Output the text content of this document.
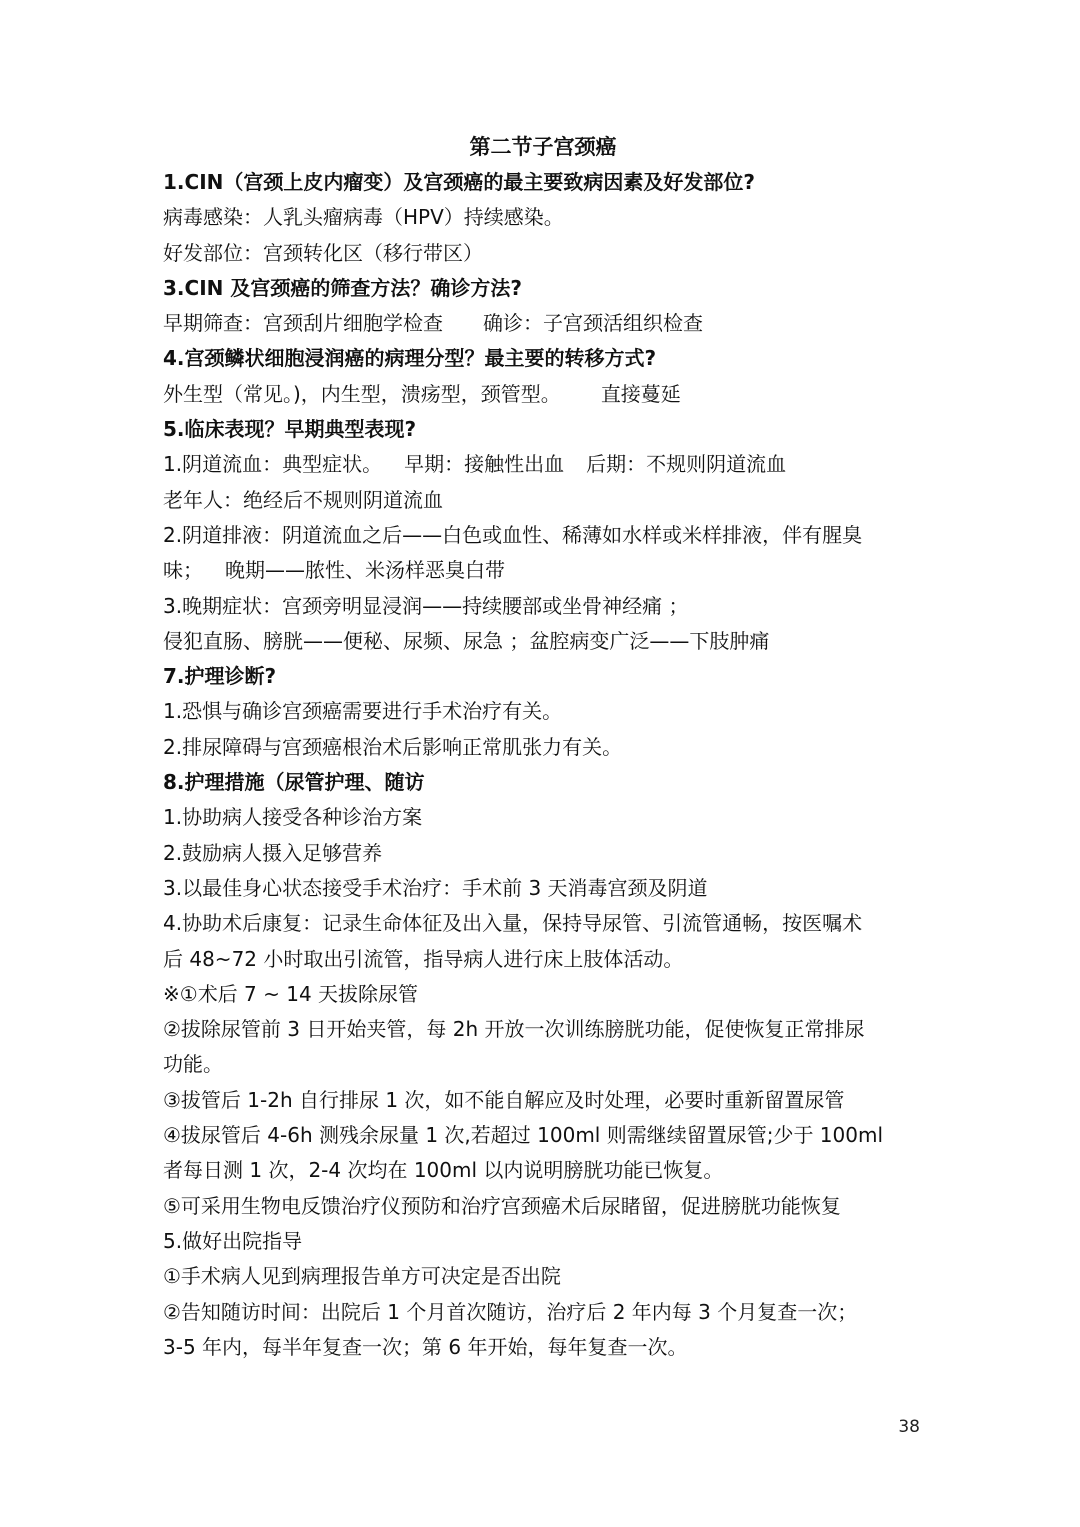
第二节子宫颈癌
1.CIN（宫颈上皮内瘤变）及宫颈癌的最主要致病因素及好发部位?
病毒感染：人乳头瘤病毒（HPV）持续感染。
好发部位：宫颈转化区（移行带区）
3.CIN 及宫颈癌的筛查方法？确诊方法?
早期筛查：宫颈刮片细胞学检查 确诊：子宫颈活组织检查
4.宫颈鳞状细胞浸润癌的病理分型？最主要的转移方式?
外生型（常见。)，内生型，溃疡型，颈管型。 直接蔓延
5.临床表现？早期典型表现?
1.阴道流血：典型症状。 早期：接触性出血 后期：不规则阴道流血
老年人：绝经后不规则阴道流血
2.阴道排液：阴道流血之后——白色或血性、稀薄如水样或米样排液，伴有腥臭
味； 晚期——脓性、米汤样恶臭白带
3.晚期症状：宫颈旁明显浸润——持续腰部或坐骨神经痛 ；
侵犯直肠、膀胱——便秘、尿频、尿急 ；盆腔病变广泛——下肢肿痛
7.护理诊断?
1.恐惧与确诊宫颈癌需要进行手术治疗有关。
2.排尿障碍与宫颈癌根治术后影响正常肌张力有关。
8.护理措施（尿管护理、随访
1.协助病人接受各种诊治方案
2.鼓励病人摄入足够营养
3.以最佳身心状态接受手术治疗：手术前 3 天消毒宫颈及阴道
4.协助术后康复：记录生命体征及出入量，保持导尿管、引流管通畅，按医嘱术
后 48~72 小时取出引流管，指导病人进行床上肢体活动。
※①术后 7 ~ 14 天拔除尿管
②拔除尿管前 3 日开始夹管，每 2h 开放一次训练膀胱功能，促使恢复正常排尿
功能。
③拔管后 1-2h 自行排尿 1 次，如不能自解应及时处理，必要时重新留置尿管
④拔尿管后 4-6h 测残余尿量 1 次,若超过 100ml 则需继续留置尿管;少于 100ml
者每日测 1 次，2-4 次均在 100ml 以内说明膀胱功能已恢复。
⑤可采用生物电反馈治疗仪预防和治疗宫颈癌术后尿睹留，促进膀胱功能恢复
5.做好出院指导
①手术病人见到病理报告单方可决定是否出院
②告知随访时间：出院后 1 个月首次随访，治疗后 2 年内每 3 个月复查一次；
3-5 年内，每半年复查一次；第 6 年开始，每年复查一次。
38
